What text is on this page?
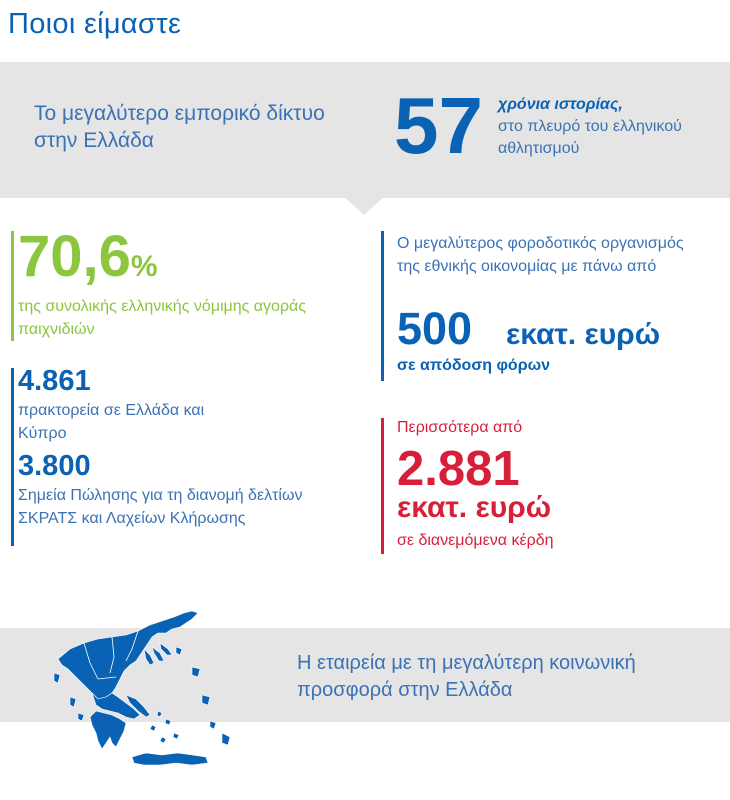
Ποιοι είμαστε
Το μεγαλύτερο εμπορικό δίκτυο στην Ελλάδα	57 χρόνια ιστορίας,
στο πλευρό του ελληνικού αθλητισμού
70,6%
της συνολικής ελληνικής νόμιμης αγοράς παιχνιδιών
4.861
πρακτορεία σε Ελλάδα και Κύπρο
3.800
Σημεία Πώλησης για τη διανομή δελτίων ΣΚΡΑΤΣ και Λαχείων Κλήρωσης
Ο μεγαλύτερος φορoδοτικός οργανισμός της εθνικής οικονομίας με πάνω από
500 εκατ. ευρώ
σε απόδοση φόρων
Περισσότερα από
2.881
εκατ. ευρώ
σε διανεμόμενα κέρδη
Η εταιρεία με τη μεγαλύτερη κοινωνική προσφορά στην Ελλάδα
